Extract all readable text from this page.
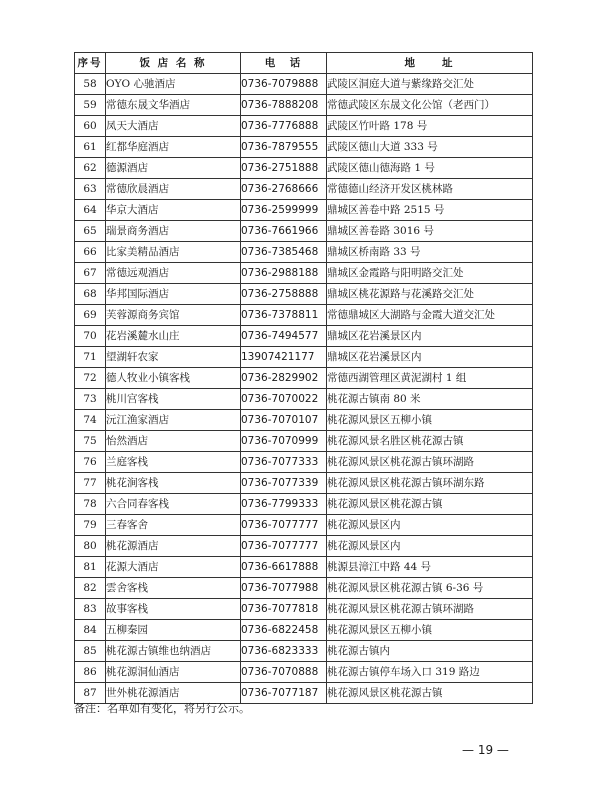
序号	饭 店 名 称	电　话	地　　址
58	OYO 心驰酒店	0736-7079888	武陵区洞庭大道与紫缘路交汇处
59	常德东晟文华酒店	0736-7888208	常德武陵区东晟文化公馆（老西门）
60	凤天大酒店	0736-7776888	武陵区竹叶路 178 号
61	红都华庭酒店	0736-7879555	武陵区德山大道 333 号
62	德源酒店	0736-2751888	武陵区德山德海路 1 号
63	常德欣晨酒店	0736-2768666	常德德山经济开发区桃林路
64	华京大酒店	0736-2599999	鼎城区善卷中路 2515 号
65	瑞景商务酒店	0736-7661966	鼎城区善卷路 3016 号
66	比家美精品酒店	0736-7385468	鼎城区桥南路 33 号
67	常德远观酒店	0736-2988188	鼎城区金霞路与阳明路交汇处
68	华邦国际酒店	0736-2758888	鼎城区桃花源路与花溪路交汇处
69	芙蓉源商务宾馆	0736-7378811	常德鼎城区大湖路与金霞大道交汇处
70	花岩溪麓水山庄	0736-7494577	鼎城区花岩溪景区内
71	望湖轩农家	13907421177	鼎城区花岩溪景区内
72	德人牧业小镇客栈	0736-2829902	常德西湖管理区黄泥湖村 1 组
73	桃川宫客栈	0736-7070022	桃花源古镇南 80 米
74	沅江渔家酒店	0736-7070107	桃花源风景区五柳小镇
75	怡然酒店	0736-7070999	桃花源风景名胜区桃花源古镇
76	兰庭客栈	0736-7077333	桃花源风景区桃花源古镇环湖路
77	桃花涧客栈	0736-7077339	桃花源风景区桃花源古镇环湖东路
78	六合同春客栈	0736-7799333	桃花源风景区桃花源古镇
79	三春客舍	0736-7077777	桃花源风景区内
80	桃花源酒店	0736-7077777	桃花源风景区内
81	花源大酒店	0736-6617888	桃源县漳江中路 44 号
82	雲舍客栈	0736-7077988	桃花源风景区桃花源古镇 6-36 号
83	故事客栈	0736-7077818	桃花源风景区桃花源古镇环湖路
84	五柳秦园	0736-6822458	桃花源风景区五柳小镇
85	桃花源古镇维也纳酒店	0736-6823333	桃花源古镇内
86	桃花源洞仙酒店	0736-7070888	桃花源古镇停车场入口 319 路边
87	世外桃花源酒店	0736-7077187	桃花源风景区桃花源古镇
备注：名单如有变化，将另行公示。
— 19 —
